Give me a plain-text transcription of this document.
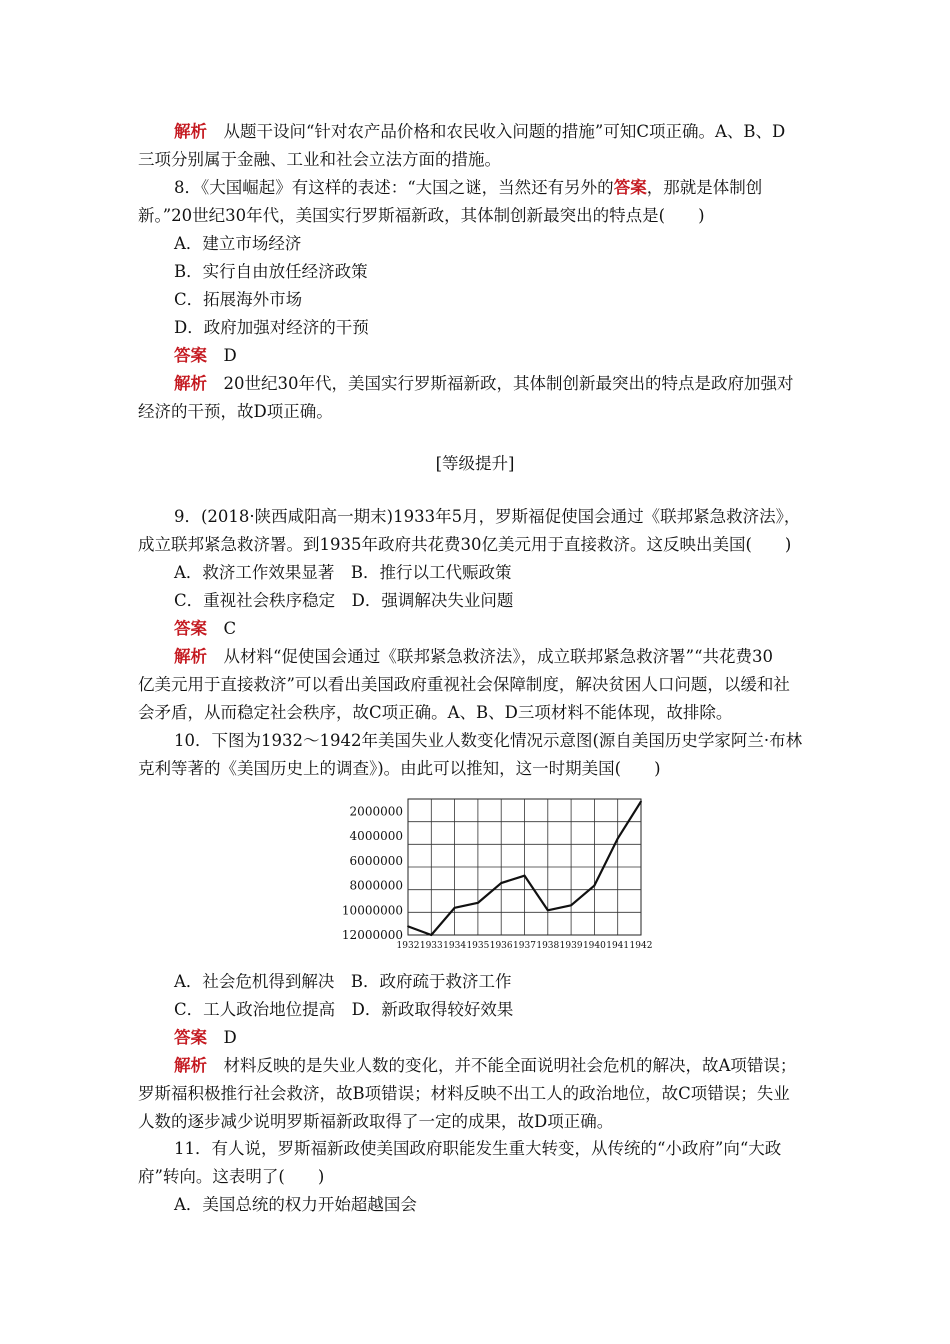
解析　 从题干设问“针对农产品价格和农民收入问题的措施”可知C项正确。A、B、D
三项分别属于金融、工业和社会立法方面的措施。
8．《大国崛起》有这样的表述：“大国之谜，当然还有另外的答案，那就是体制创
新。”20世纪30年代，美国实行罗斯福新政，其体制创新最突出的特点是(　　)
A．建立市场经济
B．实行自由放任经济政策
C．拓展海外市场
D．政府加强对经济的干预
答案　 D
解析　 20世纪30年代，美国实行罗斯福新政，其体制创新最突出的特点是政府加强对
经济的干预，故D项正确。
[等级提升]
9．(2018·陕西咸阳高一期末)1933年5月，罗斯福促使国会通过《联邦紧急救济法》，
成立联邦紧急救济署。到1935年政府共花费30亿美元用于直接救济。这反映出美国(　　)
A．救济工作效果显著　B．推行以工代赈政策
C．重视社会秩序稳定　D．强调解决失业问题
答案　 C
解析　 从材料“促使国会通过《联邦紧急救济法》，成立联邦紧急救济署”“共花费30
亿美元用于直接救济”可以看出美国政府重视社会保障制度，解决贫困人口问题，以缓和社
会矛盾，从而稳定社会秩序，故C项正确。A、B、D三项材料不能体现，故排除。
10．下图为1932～1942年美国失业人数变化情况示意图(源自美国历史学家阿兰·布林
克利等著的《美国历史上的调查》)。由此可以推知，这一时期美国(　　)
2000000
4000000
6000000
8000000
10000000
12000000
1932 1933 1934 1935 1936 1937 1938 1939 1940 1941 1942
A．社会危机得到解决　B．政府疏于救济工作
C．工人政治地位提高　D．新政取得较好效果
答案　 D
解析　 材料反映的是失业人数的变化，并不能全面说明社会危机的解决，故A项错误；
罗斯福积极推行社会救济，故B项错误；材料反映不出工人的政治地位，故C项错误；失业
人数的逐步减少说明罗斯福新政取得了一定的成果，故D项正确。
11．有人说，罗斯福新政使美国政府职能发生重大转变，从传统的“小政府”向“大政
府”转向。这表明了(　　)
A．美国总统的权力开始超越国会
